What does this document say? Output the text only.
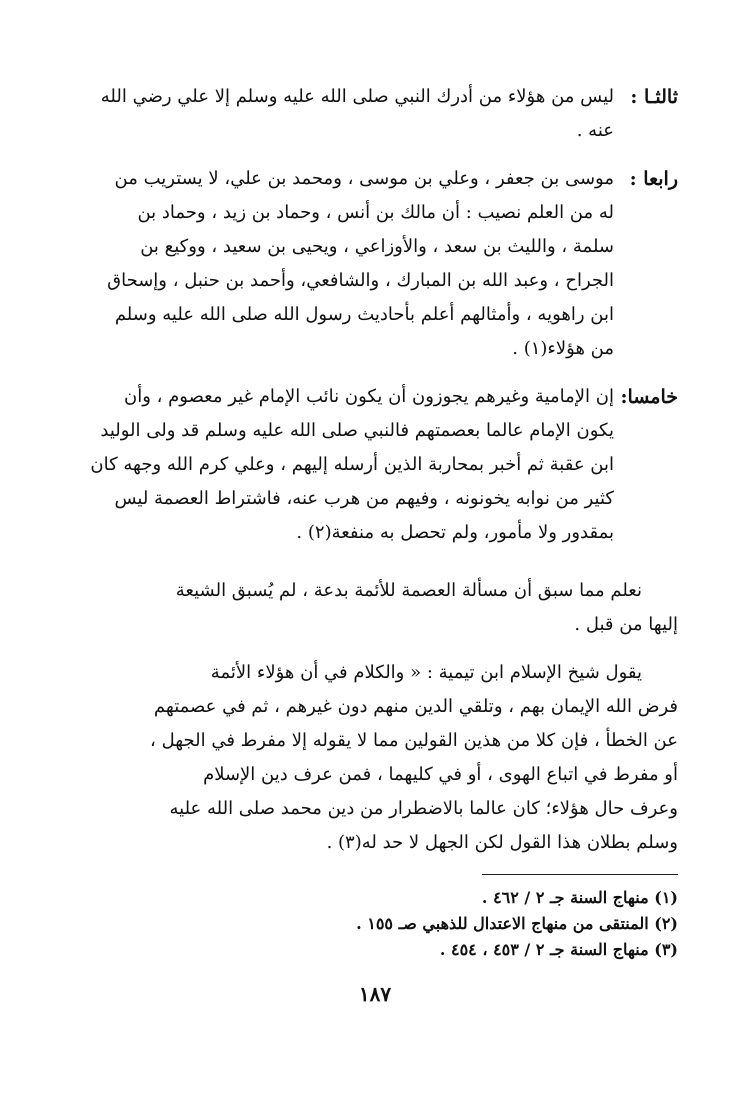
ثالثـا :
ليس من هؤلاء من أدرك النبي صلى الله عليه وسلم إلا علي رضي الله
عنه .
رابعا :
موسى بن جعفر ، وعلي بن موسى ، ومحمد بن علي، لا يستريب من
له من العلم نصيب : أن مالك بن أنس ، وحماد بن زيد ، وحماد بن
سلمة ، والليث بن سعد ، والأوزاعي ، ويحيى بن سعيد ، ووكيع بن
الجراح ، وعبد الله بن المبارك ، والشافعي، وأحمد بن حنبل ، وإسحاق
ابن راهويه ، وأمثالهم أعلم بأحاديث رسول الله صلى الله عليه وسلم
من هؤلاء(١) .
خامسا:
إن الإمامية وغيرهم يجوزون أن يكون نائب الإمام غير معصوم ، وأن
يكون الإمام عالما بعصمتهم فالنبي صلى الله عليه وسلم قد ولى الوليد
ابن عقبة ثم أخبر بمحاربة الذين أرسله إليهم ، وعلي كرم الله وجهه كان
كثير من نوابه يخونونه ، وفيهم من هرب عنه، فاشتراط العصمة ليس
بمقدور ولا مأمور، ولم تحصل به منفعة(٢) .
نعلم مما سبق أن مسألة العصمة للأئمة بدعة ، لم يُسبق الشيعة
إليها من قبل .
يقول شيخ الإسلام ابن تيمية : « والكلام في أن هؤلاء الأئمة
فرض الله الإيمان بهم ، وتلقي الدين منهم دون غيرهم ، ثم في عصمتهم
عن الخطأ ، فإن كلا من هذين القولين مما لا يقوله إلا مفرط في الجهل ،
أو مفرط في اتباع الهوى ، أو في كليهما ، فمن عرف دين الإسلام
وعرف حال هؤلاء؛ كان عالما بالاضطرار من دين محمد صلى الله عليه
وسلم بطلان هذا القول لكن الجهل لا حد له(٣) .
(١) منهاج السنة جـ ٢ / ٤٦٢ .
(٢) المنتقى من منهاج الاعتدال للذهبي صـ ١٥٥ .
(٣) منهاج السنة جـ ٢ / ٤٥٣ ، ٤٥٤ .
١٨٧
